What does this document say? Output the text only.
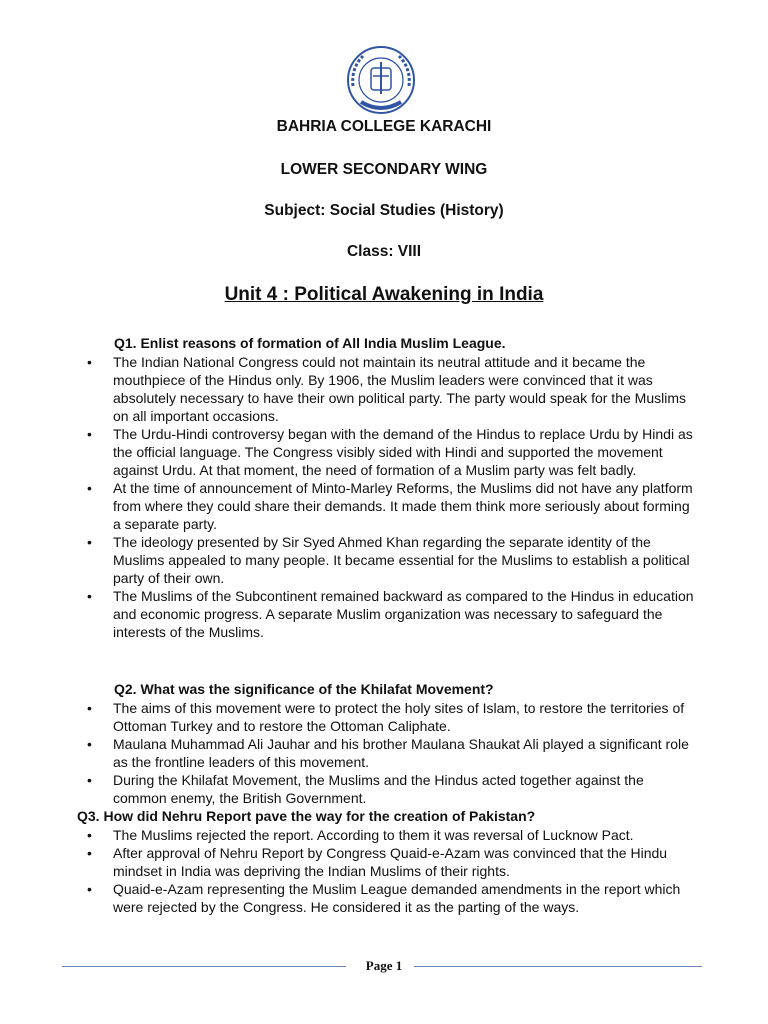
BAHRIA COLLEGE KARACHI
LOWER SECONDARY WING
Subject: Social Studies (History)
Class: VIII
Unit 4 : Political Awakening in India
Q1. Enlist reasons of formation of All India Muslim League.
• The Indian National Congress could not maintain its neutral attitude and it became the mouthpiece of the Hindus only. By 1906, the Muslim leaders were convinced that it was absolutely necessary to have their own political party. The party would speak for the Muslims on all important occasions.
• The Urdu-Hindi controversy began with the demand of the Hindus to replace Urdu by Hindi as the official language. The Congress visibly sided with Hindi and supported the movement against Urdu. At that moment, the need of formation of a Muslim party was felt badly.
• At the time of announcement of Minto-Marley Reforms, the Muslims did not have any platform from where they could share their demands. It made them think more seriously about forming a separate party.
• The ideology presented by Sir Syed Ahmed Khan regarding the separate identity of the Muslims appealed to many people. It became essential for the Muslims to establish a political party of their own.
• The Muslims of the Subcontinent remained backward as compared to the Hindus in education and economic progress. A separate Muslim organization was necessary to safeguard the interests of the Muslims.
Q2. What was the significance of the Khilafat Movement?
• The aims of this movement were to protect the holy sites of Islam, to restore the territories of Ottoman Turkey and to restore the Ottoman Caliphate.
• Maulana Muhammad Ali Jauhar and his brother Maulana Shaukat Ali played a significant role as the frontline leaders of this movement.
• During the Khilafat Movement, the Muslims and the Hindus acted together against the common enemy, the British Government.
Q3. How did Nehru Report pave the way for the creation of Pakistan?
• The Muslims rejected the report. According to them it was reversal of Lucknow Pact.
• After approval of Nehru Report by Congress Quaid-e-Azam was convinced that the Hindu mindset in India was depriving the Indian Muslims of their rights.
• Quaid-e-Azam representing the Muslim League demanded amendments in the report which were rejected by the Congress. He considered it as the parting of the ways.
Page 1
